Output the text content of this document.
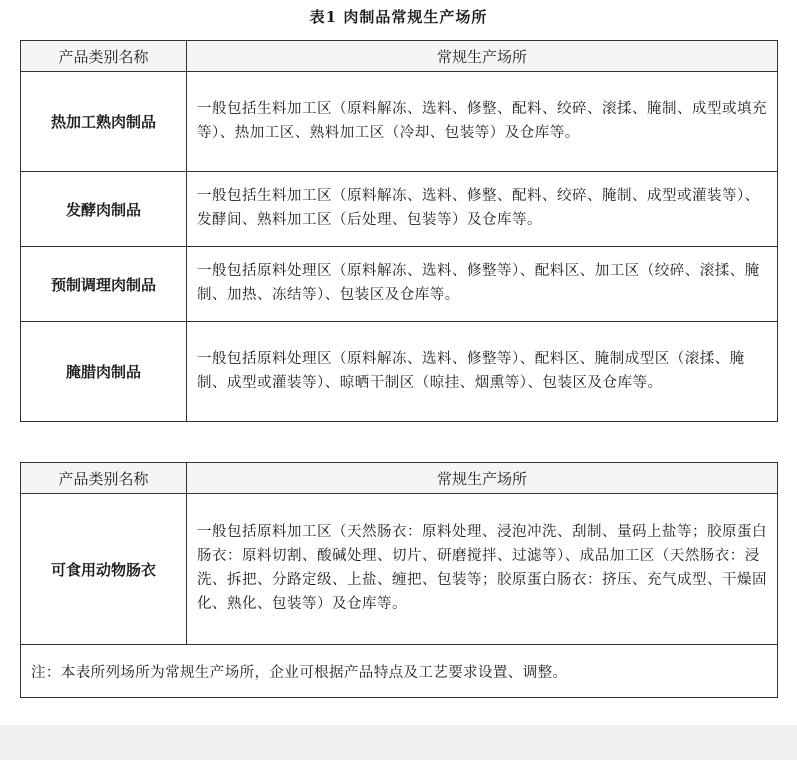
表1 肉制品常规生产场所
产品类别名称	常规生产场所
热加工熟肉制品	一般包括生料加工区（原料解冻、选料、修整、配料、绞碎、滚揉、腌制、成型或填充等）、热加工区、熟料加工区（冷却、包装等）及仓库等。
发酵肉制品	一般包括生料加工区（原料解冻、选料、修整、配料、绞碎、腌制、成型或灌装等）、发酵间、熟料加工区（后处理、包装等）及仓库等。
预制调理肉制品	一般包括原料处理区（原料解冻、选料、修整等）、配料区、加工区（绞碎、滚揉、腌制、加热、冻结等）、包装区及仓库等。
腌腊肉制品	一般包括原料处理区（原料解冻、选料、修整等）、配料区、腌制成型区（滚揉、腌制、成型或灌装等）、晾晒干制区（晾挂、烟熏等）、包装区及仓库等。
产品类别名称	常规生产场所
可食用动物肠衣	一般包括原料加工区（天然肠衣：原料处理、浸泡冲洗、刮制、量码上盐等；胶原蛋白肠衣：原料切割、酸碱处理、切片、研磨搅拌、过滤等）、成品加工区（天然肠衣：浸洗、拆把、分路定级、上盐、缠把、包装等；胶原蛋白肠衣：挤压、充气成型、干燥固化、熟化、包装等）及仓库等。
注：本表所列场所为常规生产场所，企业可根据产品特点及工艺要求设置、调整。	
